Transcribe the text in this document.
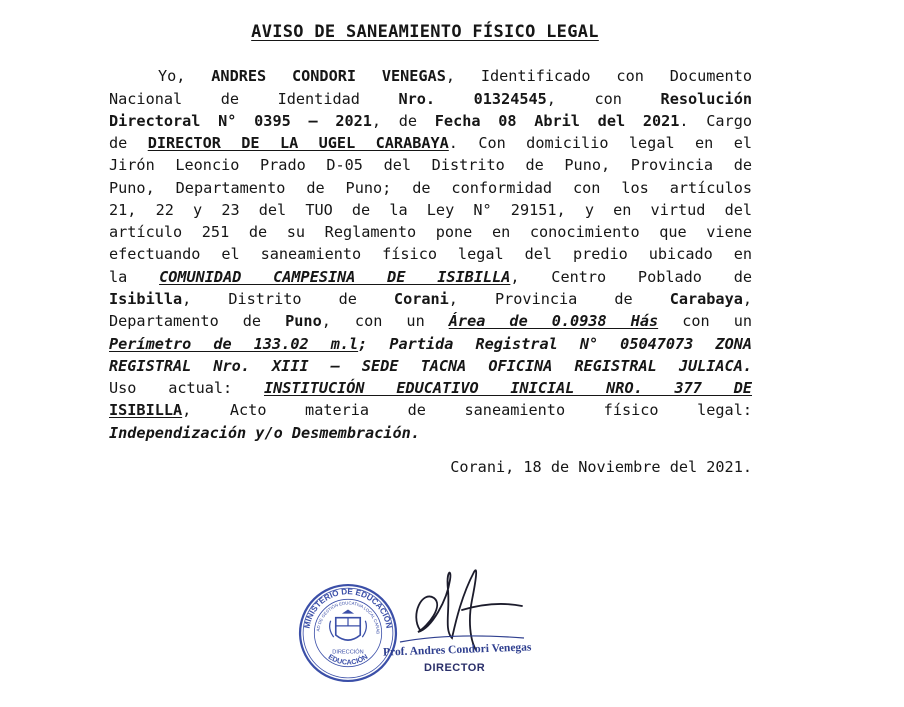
AVISO DE SANEAMIENTO FÍSICO LEGAL
Yo, ANDRES CONDORI VENEGAS, Identificado con Documento
Nacional de Identidad Nro. 01324545, con Resolución
Directoral N° 0395 – 2021, de Fecha 08 Abril del 2021. Cargo
de DIRECTOR DE LA UGEL CARABAYA. Con domicilio legal en el
Jirón Leoncio Prado D-05 del Distrito de Puno, Provincia de
Puno, Departamento de Puno; de conformidad con los artículos
21, 22 y 23 del TUO de la Ley N° 29151, y en virtud del
artículo 251 de su Reglamento pone en conocimiento que viene
efectuando el saneamiento físico legal del predio ubicado en
la COMUNIDAD CAMPESINA DE ISIBILLA, Centro Poblado de
Isibilla, Distrito de Corani, Provincia de Carabaya,
Departamento de Puno, con un Área de 0.0938 Hás con un
Perímetro de 133.02 m.l; Partida Registral N° 05047073 ZONA
REGISTRAL Nro. XIII – SEDE TACNA OFICINA REGISTRAL JULIACA.
Uso actual: INSTITUCIÓN EDUCATIVO INICIAL NRO. 377 DE
ISIBILLA, Acto materia de saneamiento físico legal:
Independización y/o Desmembración.
Corani, 18 de Noviembre del 2021.
MINISTERIO DE EDUCACIÓN
AD DE GESTIÓN EDUCATIVA LOCAL CARAB
EDUCACIÓN
DIRECCIÓN Prof. Andres Condori Venegas
DIRECTOR
